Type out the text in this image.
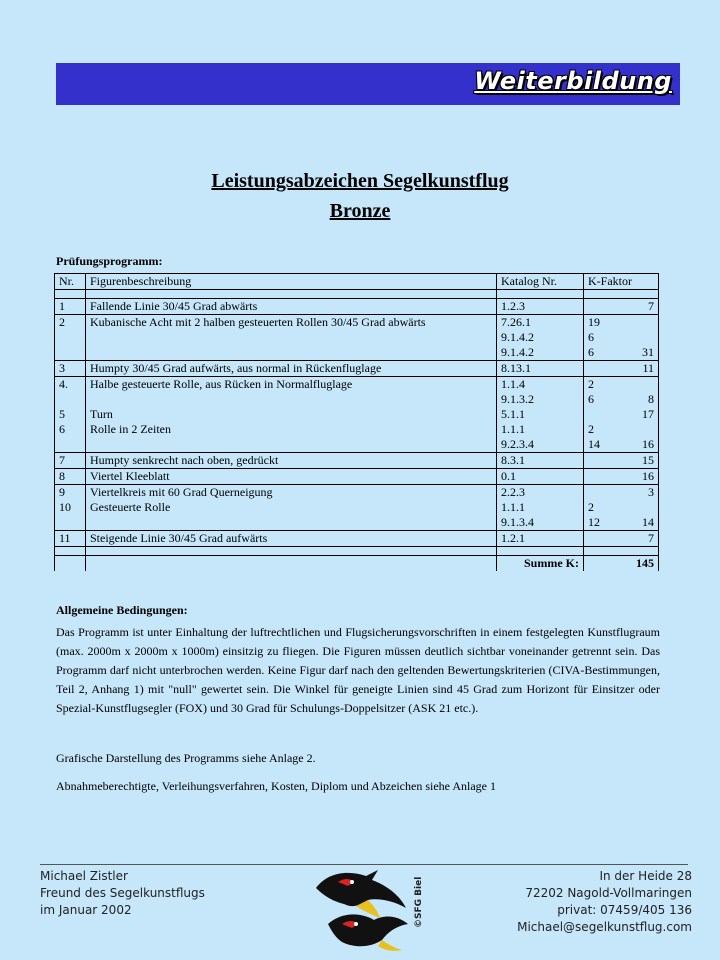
Weiterbildung
Leistungsabzeichen Segelkunstflug
Bronze
Prüfungsprogramm:
Nr.	Figurenbeschreibung	Katalog Nr.	K-Faktor

1	Fallende Linie 30/45 Grad abwärts	1.2.3	7

2	Kubanische Acht mit 2 halben gesteuerten Rollen 30/45 Grad abwärts	7.26.1	19

		9.1.4.2	6

		9.1.4.2	6 31

3	Humpty 30/45 Grad aufwärts, aus normal in Rückenfluglage	8.13.1	11

4.	Halbe gesteuerte Rolle, aus Rücken in Normalfluglage	1.1.4	2

		9.1.3.2	6 8

5	Turn	5.1.1	17

6	Rolle in 2 Zeiten	1.1.1	2

		9.2.3.4	14 16

7	Humpty senkrecht nach oben, gedrückt	8.3.1	15

8	Viertel Kleeblatt	0.1	16

9	Viertelkreis mit 60 Grad Querneigung	2.2.3	3

10	Gesteuerte Rolle	1.1.1	2

		9.1.3.4	12 14

11	Steigende Linie 30/45 Grad aufwärts	1.2.1	7

		Summe K:	145
Allgemeine Bedingungen:
Das Programm ist unter Einhaltung der luftrechtlichen und Flugsicherungsvorschriften in einem festgelegten Kunstflugraum (max. 2000m x 2000m x 1000m) einsitzig zu fliegen. Die Figuren müssen deutlich sichtbar voneinander getrennt sein. Das Programm darf nicht unterbrochen werden. Keine Figur darf nach den geltenden Bewertungskriterien (CIVA-Bestimmungen, Teil 2, Anhang 1) mit "null" gewertet sein. Die Winkel für geneigte Linien sind 45 Grad zum Horizont für Einsitzer oder Spezial-Kunstflugsegler (FOX) und 30 Grad für Schulungs-Doppelsitzer (ASK 21 etc.).
Grafische Darstellung des Programms siehe Anlage 2.
Abnahmeberechtigte, Verleihungsverfahren, Kosten, Diplom und Abzeichen siehe Anlage 1
Michael Zistler
Freund des Segelkunstflugs
im Januar 2002
In der Heide 28
72202 Nagold-Vollmaringen
privat: 07459/405 136
Michael@segelkunstflug.com
©SFG Biel
